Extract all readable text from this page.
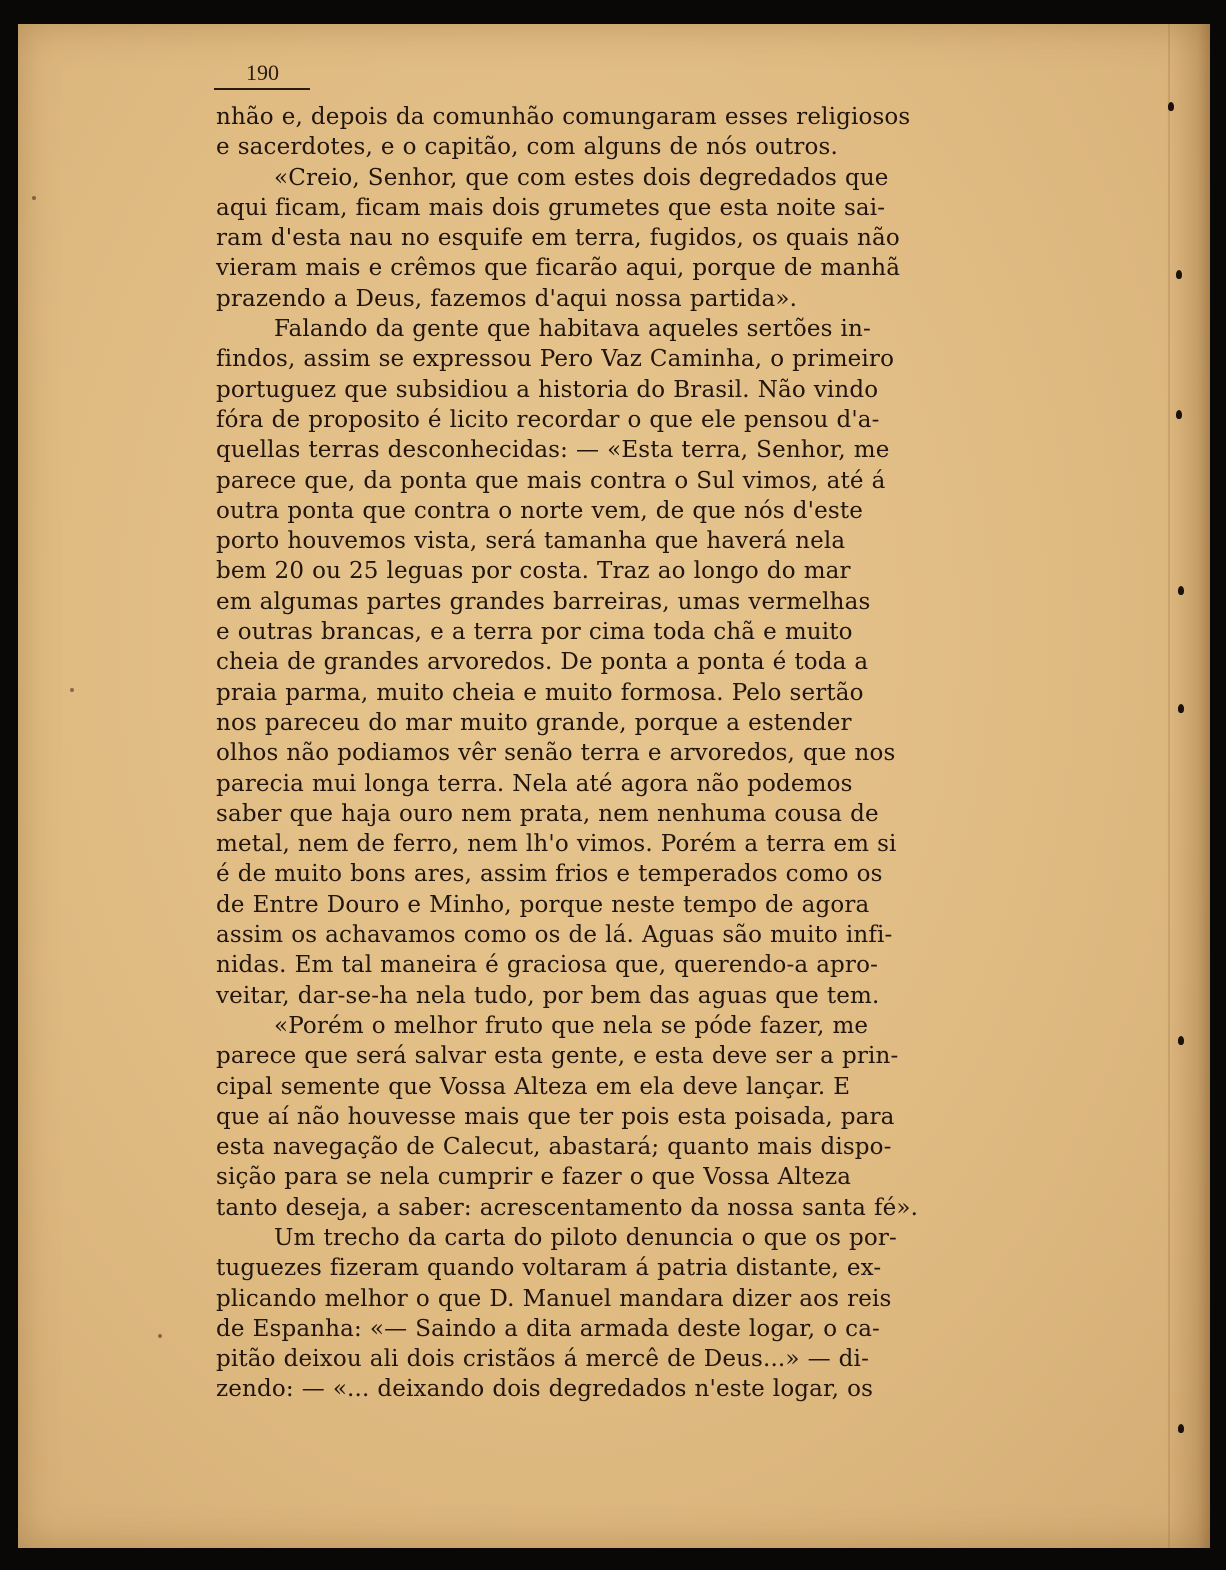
190
nhão e, depois da comunhão comungaram esses religiosos
e sacerdotes, e o capitão, com alguns de nós outros.
«Creio, Senhor, que com estes dois degredados que
aqui ficam, ficam mais dois grumetes que esta noite sai-
ram d'esta nau no esquife em terra, fugidos, os quais não
vieram mais e crêmos que ficarão aqui, porque de manhã
prazendo a Deus, fazemos d'aqui nossa partida».
Falando da gente que habitava aqueles sertões in-
findos, assim se expressou Pero Vaz Caminha, o primeiro
portuguez que subsidiou a historia do Brasil. Não vindo
fóra de proposito é licito recordar o que ele pensou d'a-
quellas terras desconhecidas: — «Esta terra, Senhor, me
parece que, da ponta que mais contra o Sul vimos, até á
outra ponta que contra o norte vem, de que nós d'este
porto houvemos vista, será tamanha que haverá nela
bem 20 ou 25 leguas por costa. Traz ao longo do mar
em algumas partes grandes barreiras, umas vermelhas
e outras brancas, e a terra por cima toda chã e muito
cheia de grandes arvoredos. De ponta a ponta é toda a
praia parma, muito cheia e muito formosa. Pelo sertão
nos pareceu do mar muito grande, porque a estender
olhos não podiamos vêr senão terra e arvoredos, que nos
parecia mui longa terra. Nela até agora não podemos
saber que haja ouro nem prata, nem nenhuma cousa de
metal, nem de ferro, nem lh'o vimos. Porém a terra em si
é de muito bons ares, assim frios e temperados como os
de Entre Douro e Minho, porque neste tempo de agora
assim os achavamos como os de lá. Aguas são muito infi-
nidas. Em tal maneira é graciosa que, querendo-a apro-
veitar, dar-se-ha nela tudo, por bem das aguas que tem.
«Porém o melhor fruto que nela se póde fazer, me
parece que será salvar esta gente, e esta deve ser a prin-
cipal semente que Vossa Alteza em ela deve lançar. E
que aí não houvesse mais que ter pois esta poisada, para
esta navegação de Calecut, abastará; quanto mais dispo-
sição para se nela cumprir e fazer o que Vossa Alteza
tanto deseja, a saber: acrescentamento da nossa santa fé».
Um trecho da carta do piloto denuncia o que os por-
tuguezes fizeram quando voltaram á patria distante, ex-
plicando melhor o que D. Manuel mandara dizer aos reis
de Espanha: «— Saindo a dita armada deste logar, o ca-
pitão deixou ali dois cristãos á mercê de Deus...» — di-
zendo: — «... deixando dois degredados n'este logar, os
